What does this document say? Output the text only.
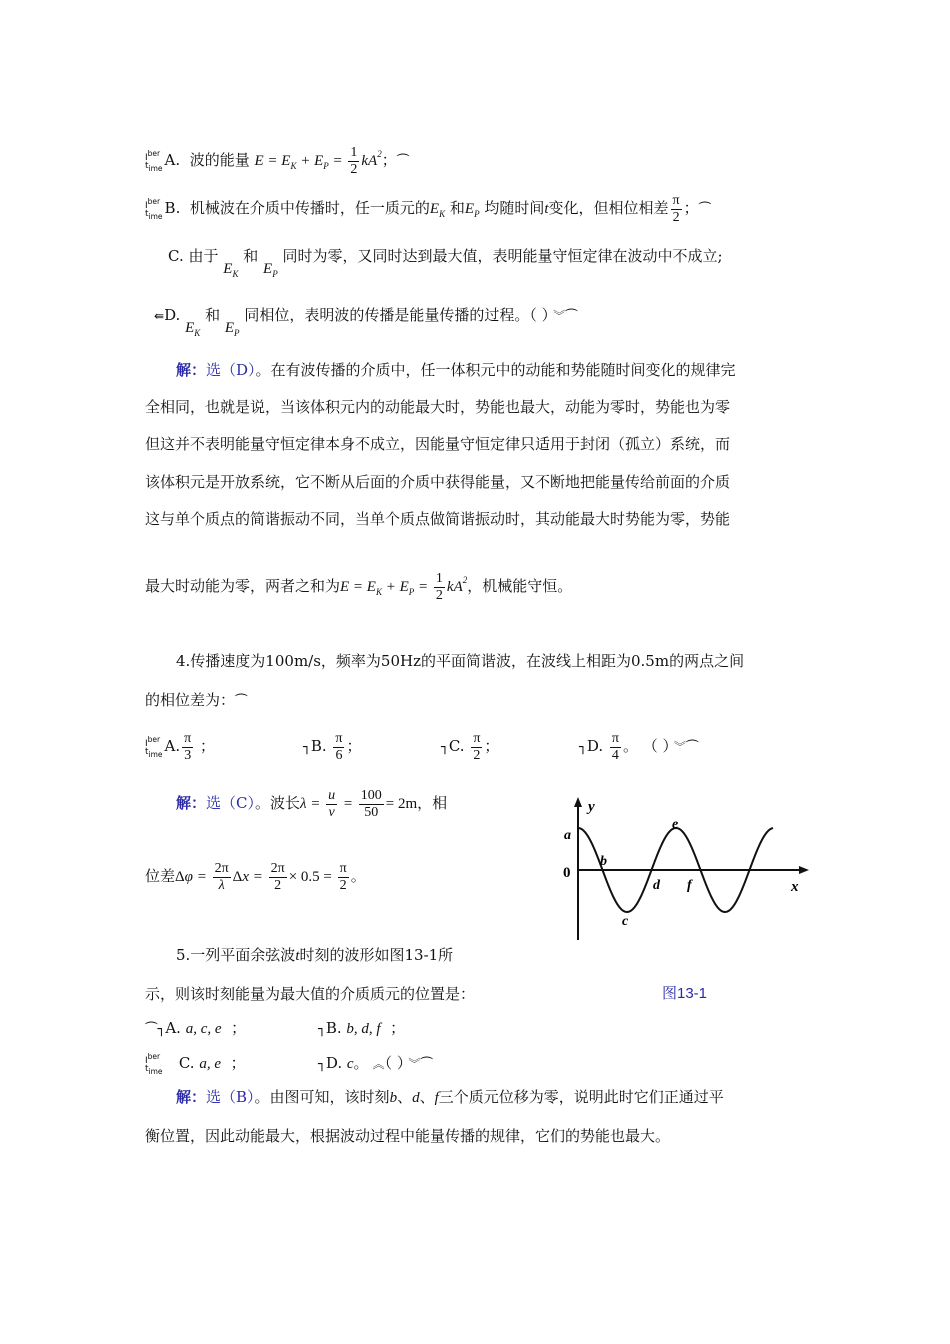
$I^{ber}$
$t_{ime}$ A. 波的能量 $E = E_K + E_P = \frac{1}{2} kA^2$；⏜
$I^{ber}$
$t_{ime}$ B. 机械波在介质中传播时，任一质元的$E_K$ 和$E_P$ 均随时间t变化，但相位相差 $\frac{\pi}{2}$ ；⏜
C. 由于 $E_K$ 和 $E_P$ 同时为零，又同时达到最大值，表明能量守恒定律在波动中不成立;
⇚D. $E_K$ 和 $E_P$ 同相位，表明波的传播是能量传播的过程。（ ） ︾⏜
解：选（D）。在有波传播的介质中，任一体积元中的动能和势能随时间变化的规律完
全相同，也就是说，当该体积元内的动能最大时，势能也最大，动能为零时，势能也为零
但这并不表明能量守恒定律本身不成立，因能量守恒定律只适用于封闭（孤立）系统，而
该体积元是开放系统，它不断从后面的介质中获得能量，又不断地把能量传给前面的介质
这与单个质点的简谐振动不同，当单个质点做简谐振动时，其动能最大时势能为零，势能
最大时动能为零，两者之和为$E = E_K + E_P = \frac{1}{2} kA^2$，机械能守恒。
4.传播速度为100m/s，频率为50Hz的平面简谐波，在波线上相距为0.5m的两点之间
的相位差为：⏜
$I^{ber}$
$t_{ime}$ A. $\frac{\pi}{3}$ ；	┐B. $\frac{\pi}{6}$ ；	┐C. $\frac{\pi}{2}$ ；	┐D. $\frac{\pi}{4}$ 。 （ ） ︾⏜
解：选（C）。波长$\lambda = \frac{u}{\nu} = \frac{100}{50} = 2m$，相
位差$\Delta\varphi = \frac{2\pi}{\lambda}$ $\Delta x = \frac{2\pi}{2} \times 0.5 = \frac{\pi}{2}$ 。
y
x
0
a
b
c
d
e
f
5.一列平面余弦波t时刻的波形如图13-1所
示，则该时刻能量为最大值的介质质元的位置是：	图13-1
⏜┐A. a, c, e  ；	┐B. b, d, f  ；
$I^{ber}$
$t_{ime}$ C. a, e  ；	┐D. c。 ︽（ ） ︾⏜
解：选（B）。由图可知，该时刻b、d、f三个质元位移为零，说明此时它们正通过平
衡位置，因此动能最大，根据波动过程中能量传播的规律，它们的势能也最大。
